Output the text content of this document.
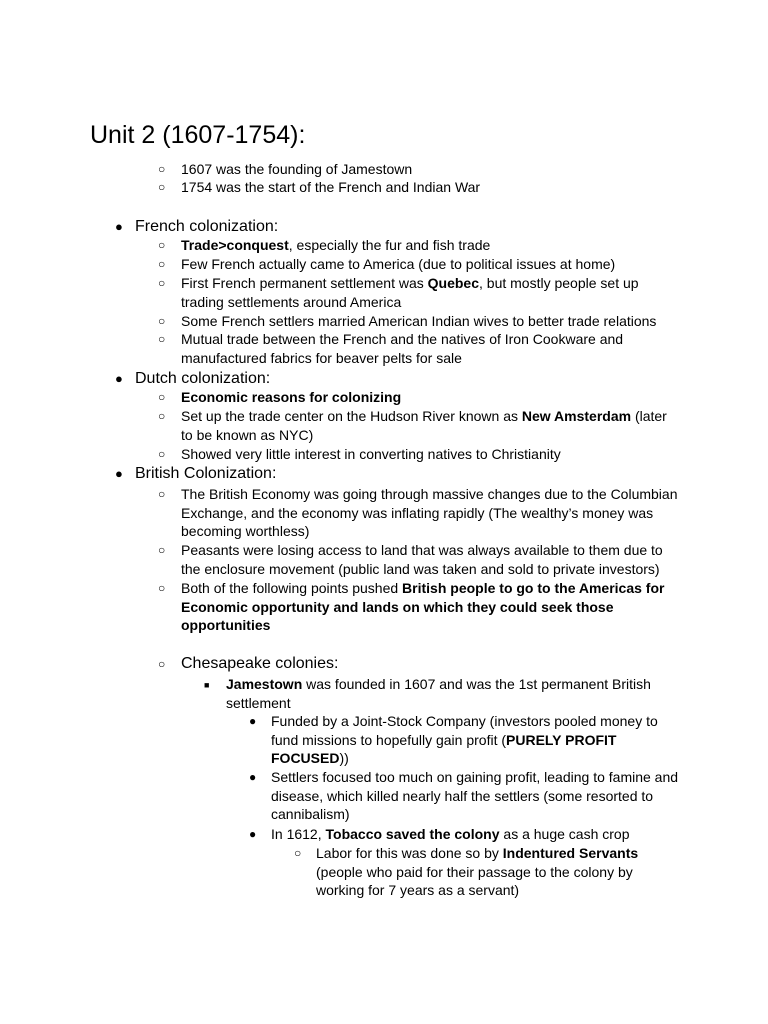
Unit 2 (1607-1754):
○ 1607 was the founding of Jamestown
○ 1754 was the start of the French and Indian War
● French colonization:
○ Trade>conquest, especially the fur and fish trade
○ Few French actually came to America (due to political issues at home)
○ First French permanent settlement was Quebec, but mostly people set up trading settlements around America
○ Some French settlers married American Indian wives to better trade relations
○ Mutual trade between the French and the natives of Iron Cookware and manufactured fabrics for beaver pelts for sale
● Dutch colonization:
○ Economic reasons for colonizing
○ Set up the trade center on the Hudson River known as New Amsterdam (later to be known as NYC)
○ Showed very little interest in converting natives to Christianity
● British Colonization:
○ The British Economy was going through massive changes due to the Columbian Exchange, and the economy was inflating rapidly (The wealthy’s money was becoming worthless)
○ Peasants were losing access to land that was always available to them due to the enclosure movement (public land was taken and sold to private investors)
○ Both of the following points pushed British people to go to the Americas for Economic opportunity and lands on which they could seek those opportunities
○ Chesapeake colonies:
■ Jamestown was founded in 1607 and was the 1st permanent British settlement
● Funded by a Joint-Stock Company (investors pooled money to fund missions to hopefully gain profit (PURELY PROFIT FOCUSED))
● Settlers focused too much on gaining profit, leading to famine and disease, which killed nearly half the settlers (some resorted to cannibalism)
● In 1612, Tobacco saved the colony as a huge cash crop
○ Labor for this was done so by Indentured Servants (people who paid for their passage to the colony by working for 7 years as a servant)
